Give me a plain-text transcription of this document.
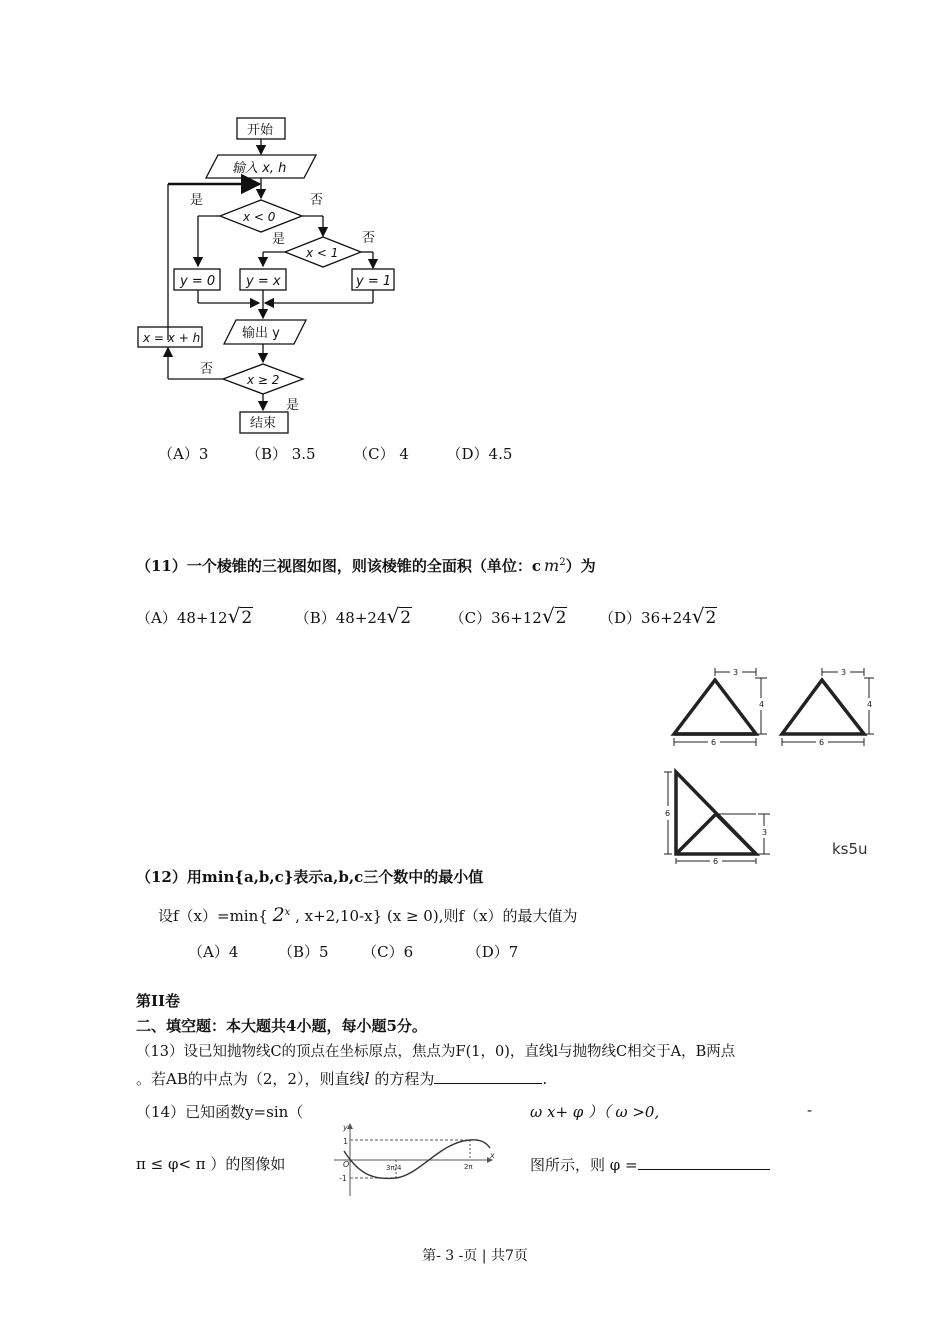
开始
输入 x, h
是	否
x < 0
是	否
x < 1
y = 0 y = x	y = 1
输出 y
x = x + h
否
x ≥ 2
是
结束
（A）3	（B） 3.5	（C） 4	（D）4.5
（11）一个棱锥的三视图如图，则该棱锥的全面积（单位：c $m^2$）为
（A）48+12√2	（B）48+24√2	（C）36+12√2 （D）36+24√2
3
4
6
3
4
6
6
3
6
ks5u
（12）用min{a,b,c}表示a,b,c三个数中的最小值
设f（x）=min{ 2$^x$ , x+2,10-x} (x ≥ 0),则f（x）的最大值为
（A）4	（B）5 （C）6	（D）7
第II卷
二、填空题：本大题共4小题，每小题5分。
（13）设已知抛物线C的顶点在坐标原点，焦点为F(1，0)，直线l与抛物线C相交于A，B两点
。若AB的中点为（2，2），则直线l 的方程为	.
（14）已知函数y=sin（	ω x+ φ ）（ ω >0,	-
π ≤ φ< π ）的图像如	图所示，则 φ =
y
x
O
1
-1
3π/4	2π
第- 3 -页 | 共7页
